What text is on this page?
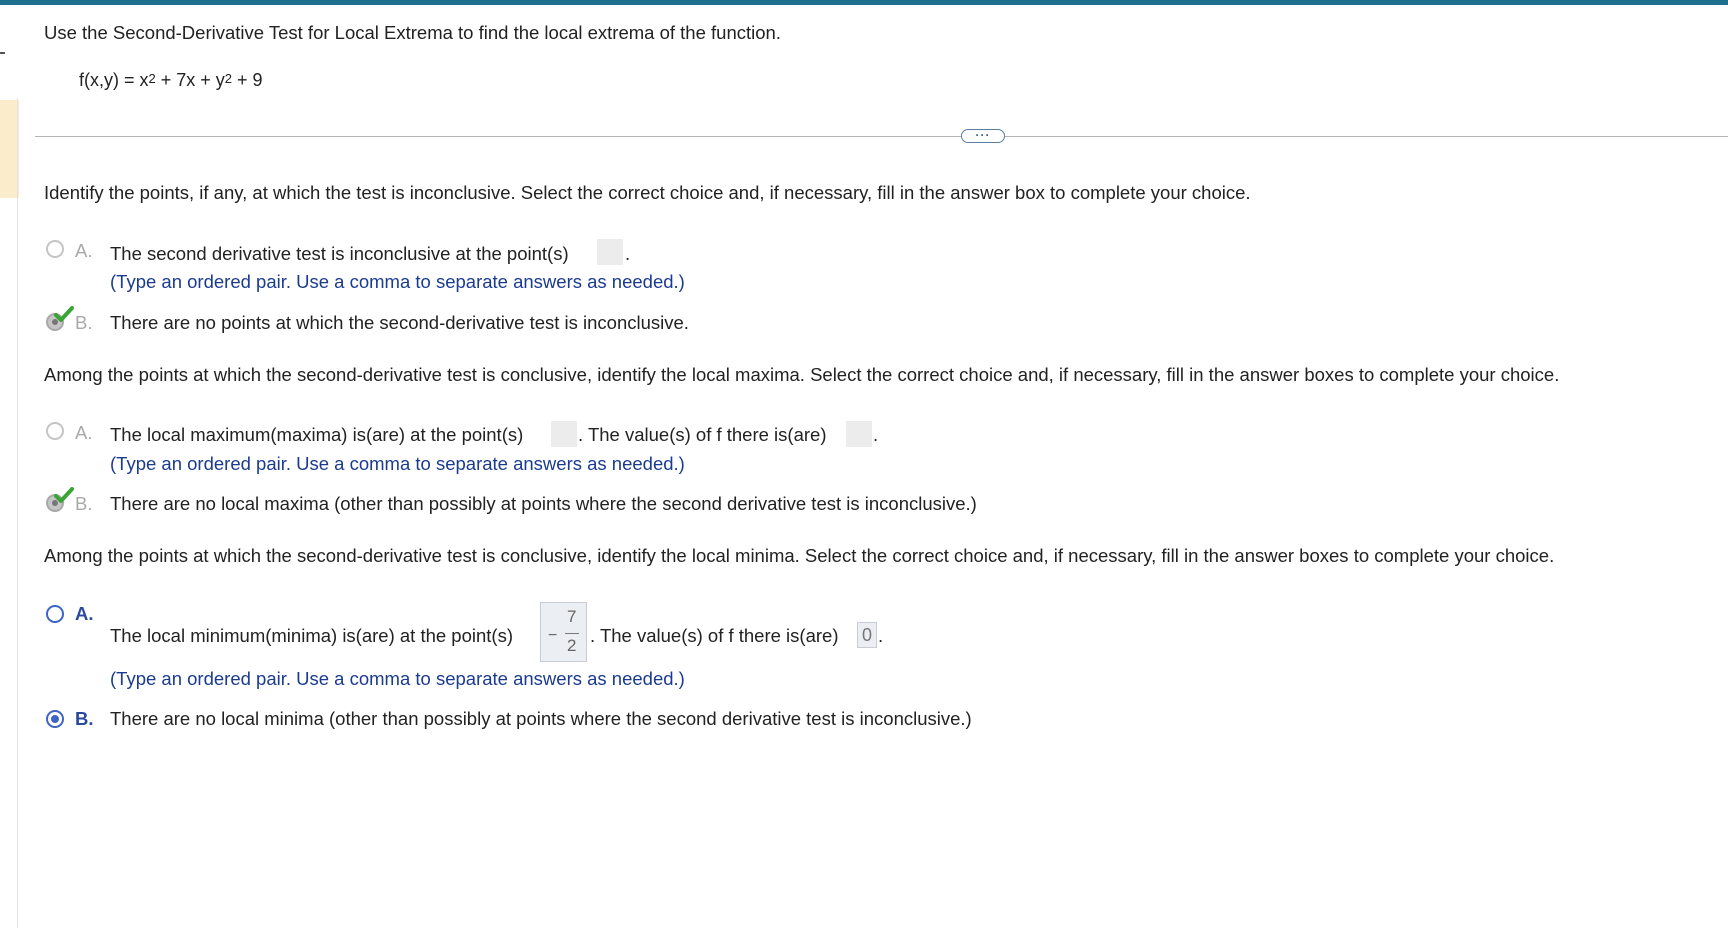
Use the Second-Derivative Test for Local Extrema to find the local extrema of the function.
$f(x,y) = x^2 + 7x + y^2 + 9$
···
Identify the points, if any, at which the test is inconclusive. Select the correct choice and, if necessary, fill in the answer box to complete your choice.
A. The second derivative test is inconclusive at the point(s)	.
(Type an ordered pair. Use a comma to separate answers as needed.)
B. There are no points at which the second-derivative test is inconclusive.
Among the points at which the second-derivative test is conclusive, identify the local maxima. Select the correct choice and, if necessary, fill in the answer boxes to complete your choice.
A. The local maximum(maxima) is(are) at the point(s)	. The value(s) of f there is(are)	.
(Type an ordered pair. Use a comma to separate answers as needed.)
B. There are no local maxima (other than possibly at points where the second derivative test is inconclusive.)
Among the points at which the second-derivative test is conclusive, identify the local minima. Select the correct choice and, if necessary, fill in the answer boxes to complete your choice.
A.
The local minimum(minima) is(are) at the point(s) −
7
2 . The value(s) of f there is(are) 0 .
(Type an ordered pair. Use a comma to separate answers as needed.)
B. There are no local minima (other than possibly at points where the second derivative test is inconclusive.)
